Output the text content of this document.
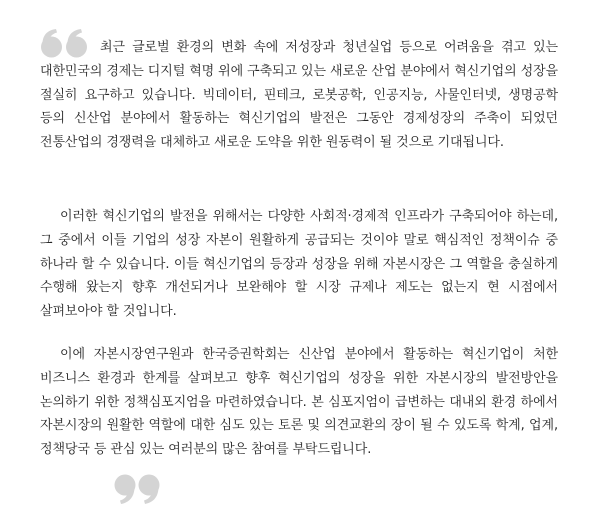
최근 글로벌 환경의 변화 속에 저성장과 청년실업 등으로 어려움을 겪고 있는 대한민국의 경제는 디지털 혁명 위에 구축되고 있는 새로운 산업 분야에서 혁신기업의 성장을 절실히 요구하고 있습니다. 빅데이터, 핀테크, 로봇공학, 인공지능, 사물인터넷, 생명공학 등의 신산업 분야에서 활동하는 혁신기업의 발전은 그동안 경제성장의 주축이 되었던 전통산업의 경쟁력을 대체하고 새로운 도약을 위한 원동력이 될 것으로 기대됩니다.

이러한 혁신기업의 발전을 위해서는 다양한 사회적·경제적 인프라가 구축되어야 하는데, 그 중에서 이들 기업의 성장 자본이 원활하게 공급되는 것이야 말로 핵심적인 정책이슈 중 하나라 할 수 있습니다. 이들 혁신기업의 등장과 성장을 위해 자본시장은 그 역할을 충실하게 수행해 왔는지 향후 개선되거나 보완해야 할 시장 규제나 제도는 없는지 현 시점에서 살펴보아야 할 것입니다.

이에 자본시장연구원과 한국증권학회는 신산업 분야에서 활동하는 혁신기업이 처한 비즈니스 환경과 한계를 살펴보고 향후 혁신기업의 성장을 위한 자본시장의 발전방안을 논의하기 위한 정책심포지엄을 마련하였습니다. 본 심포지엄이 급변하는 대내외 환경 하에서 자본시장의 원활한 역할에 대한 심도 있는 토론 및 의견교환의 장이 될 수 있도록 학계, 업계, 정책당국 등 관심 있는 여러분의 많은 참여를 부탁드립니다.
